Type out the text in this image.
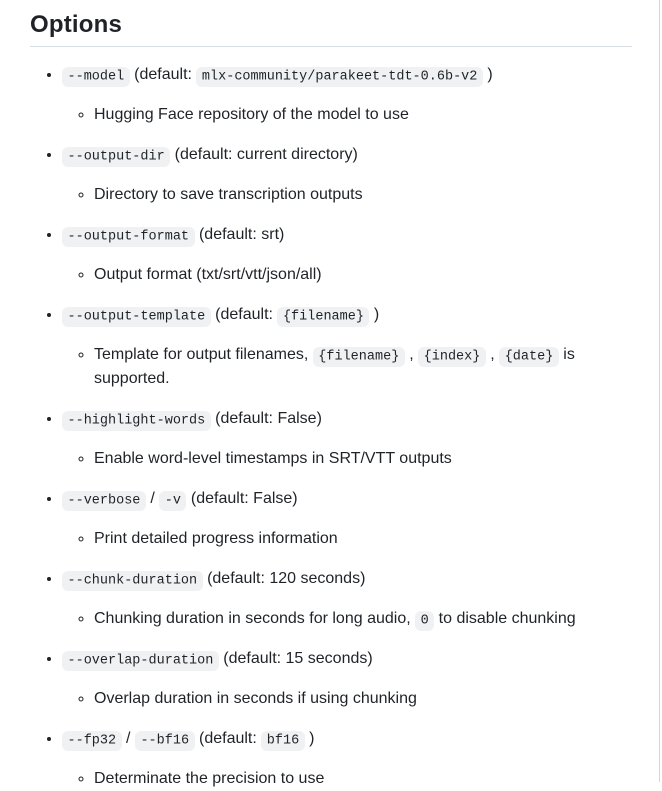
Options

• --model (default: mlx-community/parakeet-tdt-0.6b-v2 )

◦ Hugging Face repository of the model to use

• --output-dir (default: current directory)

◦ Directory to save transcription outputs

• --output-format (default: srt)

◦ Output format (txt/srt/vtt/json/all)

• --output-template (default: {filename} )

◦ Template for output filenames, {filename} , {index} , {date} is supported.

• --highlight-words (default: False)

◦ Enable word-level timestamps in SRT/VTT outputs

• --verbose / -v (default: False)

◦ Print detailed progress information

• --chunk-duration (default: 120 seconds)

◦ Chunking duration in seconds for long audio, 0 to disable chunking

• --overlap-duration (default: 15 seconds)

◦ Overlap duration in seconds if using chunking

• --fp32 / --bf16 (default: bf16 )

◦ Determinate the precision to use
